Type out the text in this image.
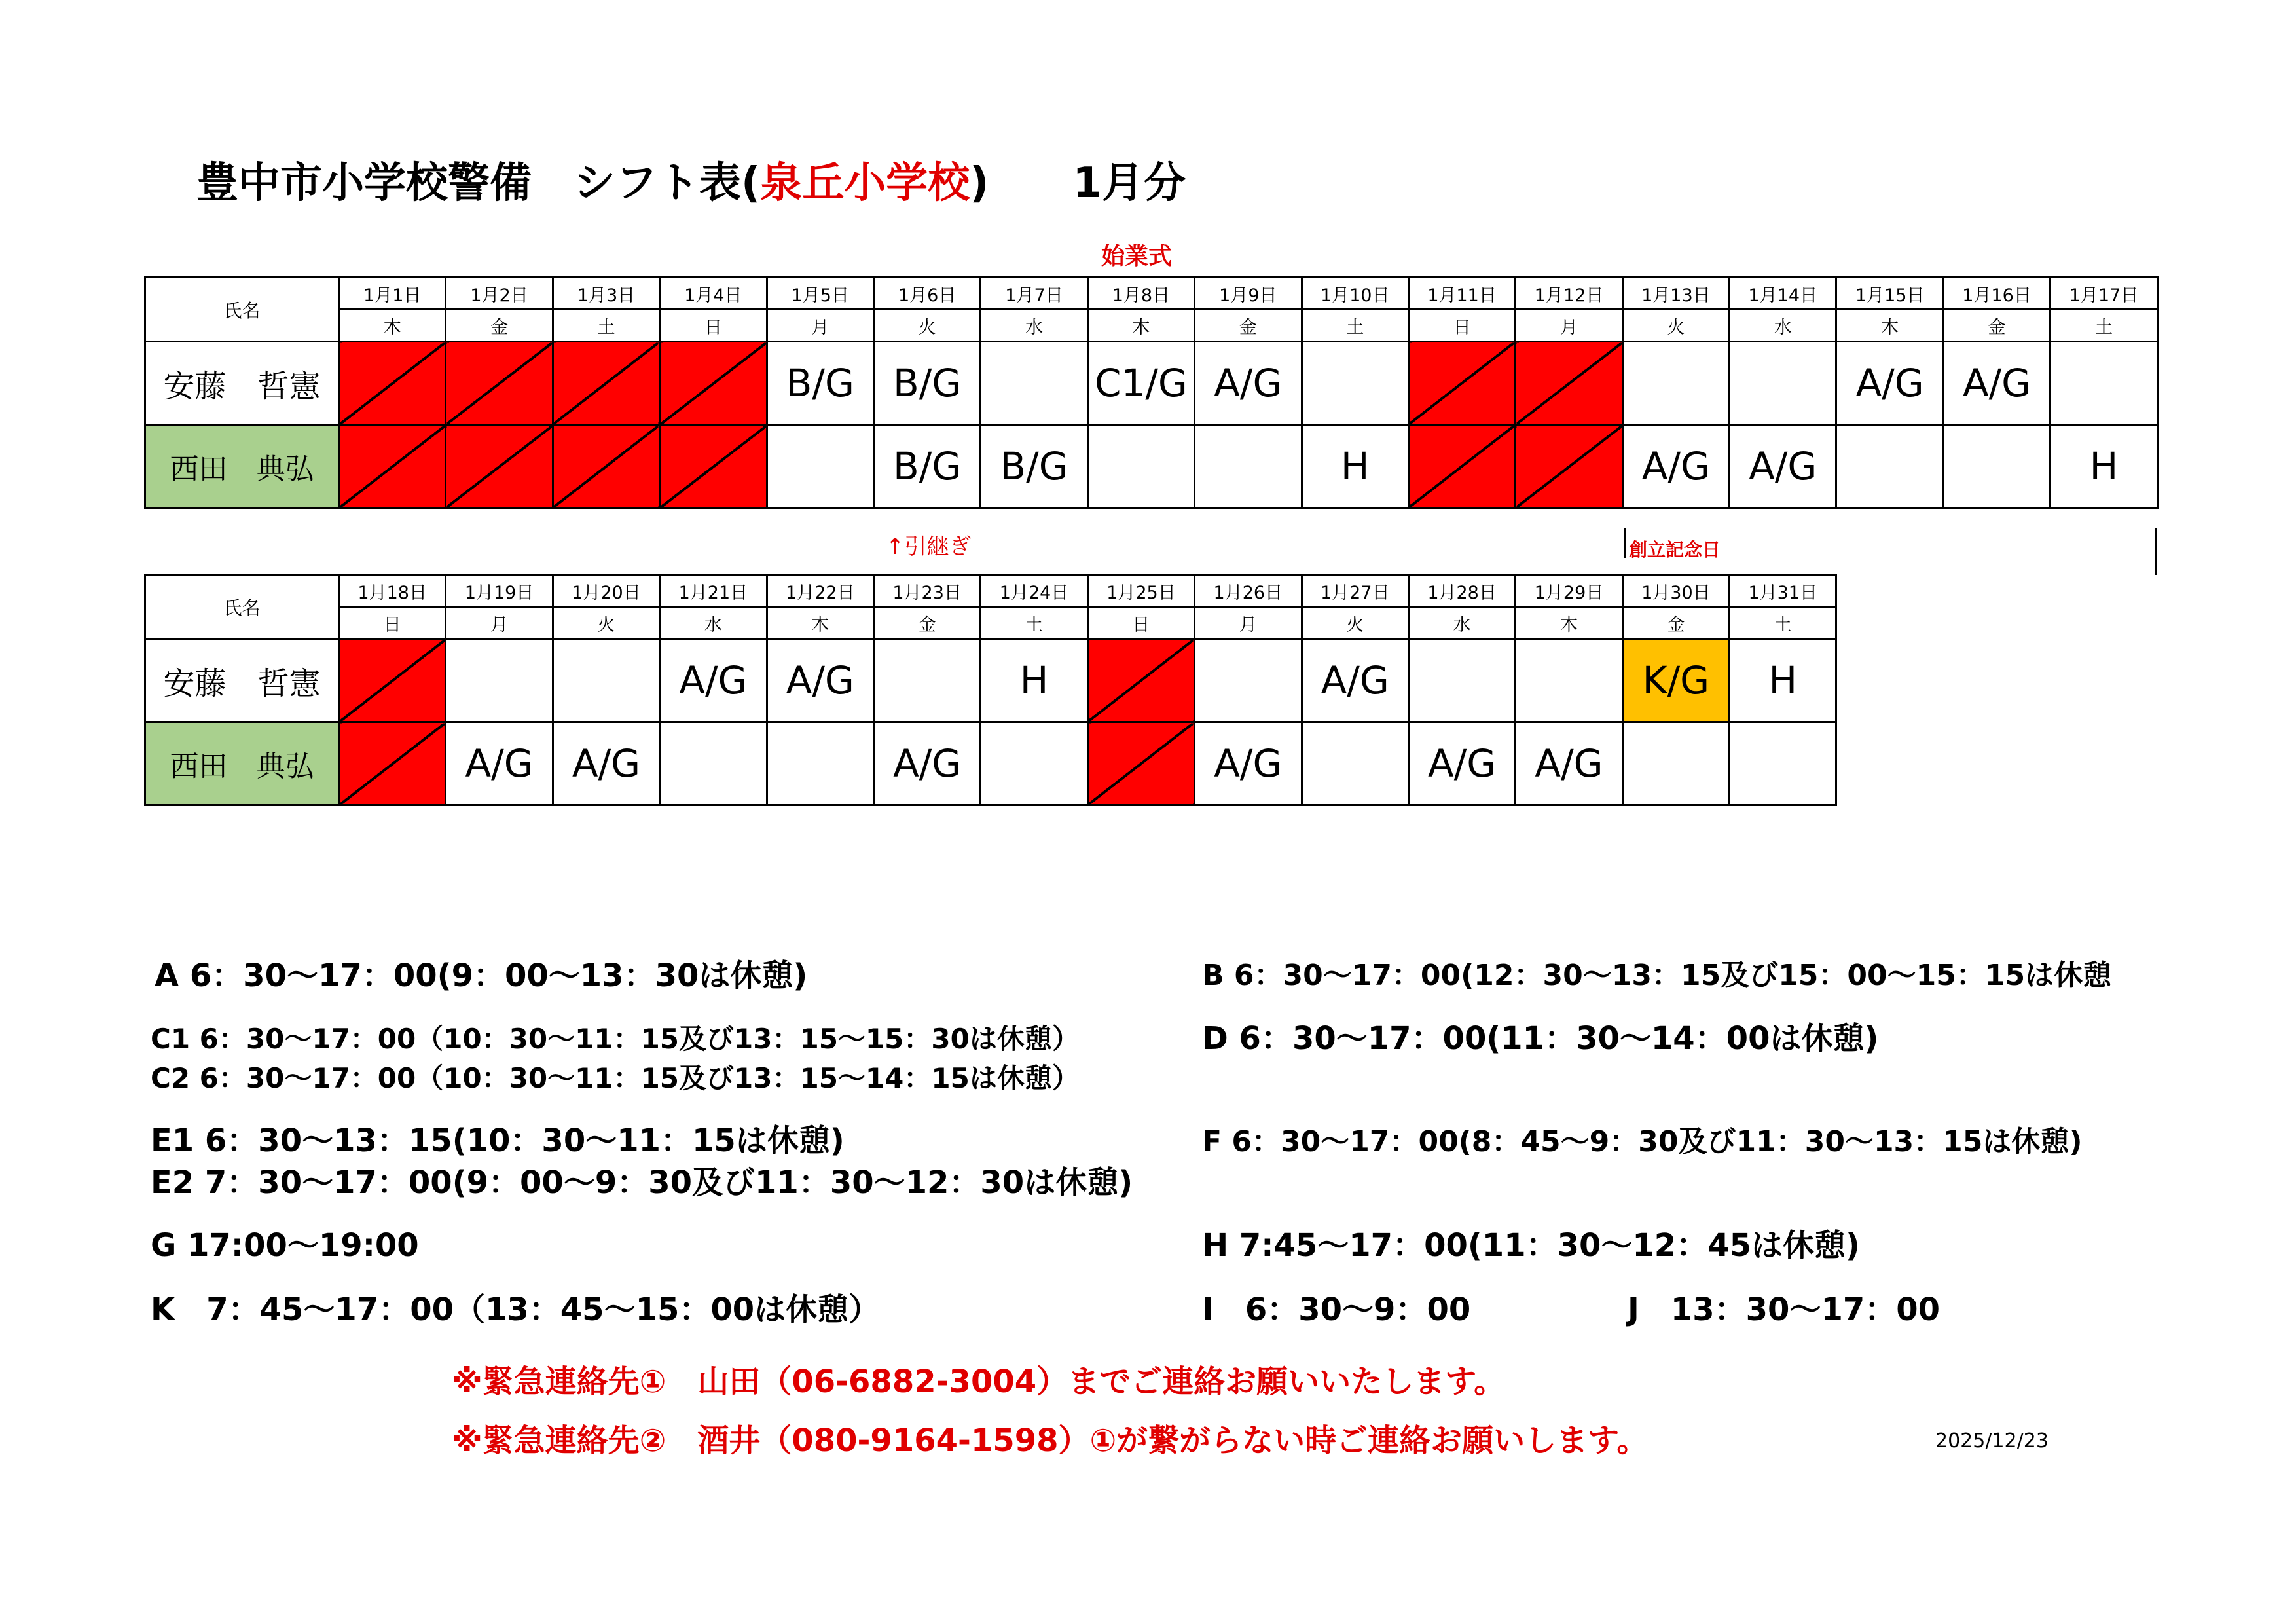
豊中市小学校警備　シフト表(泉丘小学校)　　1月分
始業式
↑引継ぎ	創立記念日
氏名	1月1日	1月2日	1月3日	1月4日	1月5日	1月6日	1月7日	1月8日	1月9日	1月10日	1月11日	1月12日	1月13日	1月14日	1月15日	1月16日	1月17日
	木	金	土	日	月	火	水	木	金	土	日	月	火	水	木	金	土
安藤　哲憲					B/G	B/G		C1/G	A/G						A/G	A/G	
西田　典弘						B/G	B/G			H			A/G	A/G			H
氏名	1月18日	1月19日	1月20日	1月21日	1月22日	1月23日	1月24日	1月25日	1月26日	1月27日	1月28日	1月29日	1月30日	1月31日
	日	月	火	水	木	金	土	日	月	火	水	木	金	土
安藤　哲憲				A/G	A/G		H			A/G			K/G	H
西田　典弘		A/G	A/G			A/G			A/G		A/G	A/G		
A 6：30～17：00(9：00～13：30は休憩)	B 6：30～17：00(12：30～13：15及び15：00～15：15は休憩
C1 6：30～17：00（10：30～11：15及び13：15～15：30は休憩）	D 6：30～17：00(11：30～14：00は休憩)
C2 6：30～17：00（10：30～11：15及び13：15～14：15は休憩）
E1 6：30～13：15(10：30～11：15は休憩)	F 6：30～17：00(8：45～9：30及び11：30～13：15は休憩)
E2 7：30～17：00(9：00～9：30及び11：30～12：30は休憩)
G 17:00～19:00	H 7:45～17：00(11：30～12：45は休憩)
K　7：45～17：00（13：45～15：00は休憩）	I　6：30～9：00	J　13：30～17：00
※緊急連絡先①　山田（06-6882-3004）までご連絡お願いいたします。
※緊急連絡先②　酒井（080-9164-1598）①が繋がらない時ご連絡お願いします。	2025/12/23
